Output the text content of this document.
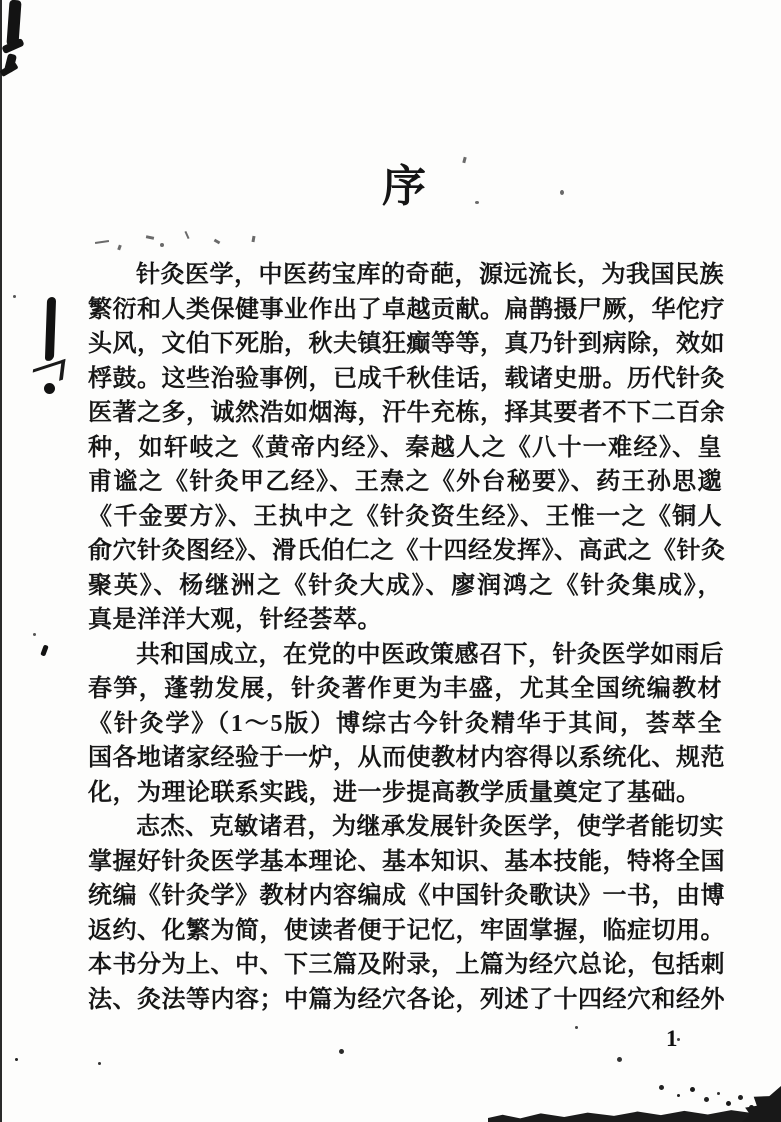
序
针灸医学，中医药宝库的奇葩，源远流长，为我国民族
繁衍和人类保健事业作出了卓越贡献。扁鹊摄尸厥，华佗疗
头风，文伯下死胎，秋夫镇狂癫等等，真乃针到病除，效如
桴鼓。这些治验事例，已成千秋佳话，载诸史册。历代针灸
医著之多，诚然浩如烟海，汗牛充栋，择其要者不下二百余
种，如轩岐之《黄帝内经》、秦越人之《八十一难经》、皇
甫谧之《针灸甲乙经》、王焘之《外台秘要》、药王孙思邈
《千金要方》、王执中之《针灸资生经》、王惟一之《铜人
俞穴针灸图经》、滑氏伯仁之《十四经发挥》、高武之《针灸
聚英》、杨继洲之《针灸大成》、廖润鸿之《针灸集成》，
真是洋洋大观，针经荟萃。
共和国成立，在党的中医政策感召下，针灸医学如雨后
春笋，蓬勃发展，针灸著作更为丰盛，尤其全国统编教材
《针灸学》（1～5版）博综古今针灸精华于其间，荟萃全
国各地诸家经验于一炉，从而使教材内容得以系统化、规范
化，为理论联系实践，进一步提高教学质量奠定了基础。
志杰、克敏诸君，为继承发展针灸医学，使学者能切实
掌握好针灸医学基本理论、基本知识、基本技能，特将全国
统编《针灸学》教材内容编成《中国针灸歌诀》一书，由博
返约、化繁为简，使读者便于记忆，牢固掌握，临症切用。
本书分为上、中、下三篇及附录，上篇为经穴总论，包括刺
法、灸法等内容；中篇为经穴各论，列述了十四经穴和经外
1
